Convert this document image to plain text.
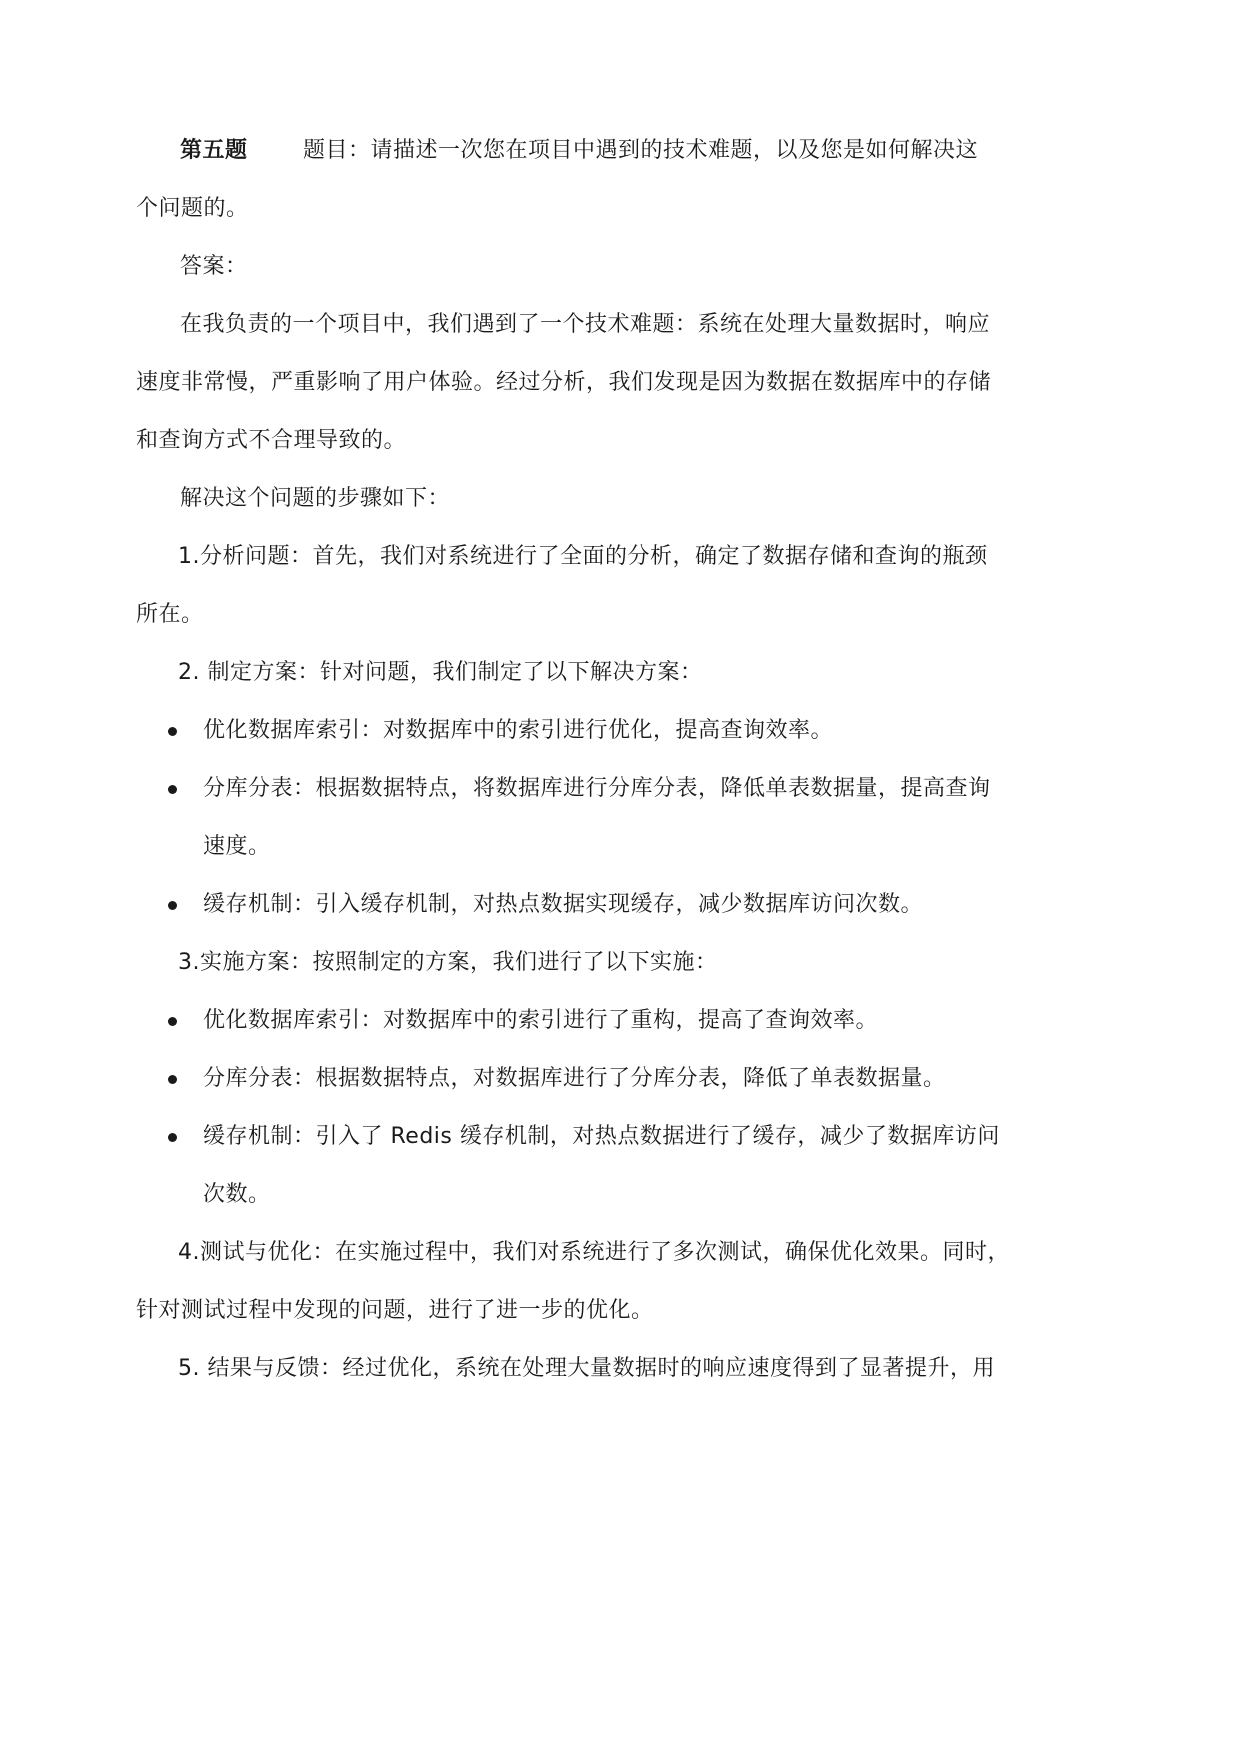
第五题	题目：请描述一次您在项目中遇到的技术难题，以及您是如何解决这
个问题的。
答案：
在我负责的一个项目中，我们遇到了一个技术难题：系统在处理大量数据时，响应
速度非常慢，严重影响了用户体验。经过分析，我们发现是因为数据在数据库中的存储
和查询方式不合理导致的。
解决这个问题的步骤如下：
1.分析问题：首先，我们对系统进行了全面的分析，确定了数据存储和查询的瓶颈
所在。
2. 制定方案：针对问题，我们制定了以下解决方案：
优化数据库索引：对数据库中的索引进行优化，提高查询效率。
分库分表：根据数据特点，将数据库进行分库分表，降低单表数据量，提高查询
速度。
缓存机制：引入缓存机制，对热点数据实现缓存，减少数据库访问次数。
3.实施方案：按照制定的方案，我们进行了以下实施：
优化数据库索引：对数据库中的索引进行了重构，提高了查询效率。
分库分表：根据数据特点，对数据库进行了分库分表，降低了单表数据量。
缓存机制：引入了 Redis 缓存机制，对热点数据进行了缓存，减少了数据库访问
次数。
4.测试与优化：在实施过程中，我们对系统进行了多次测试，确保优化效果。同时，
针对测试过程中发现的问题，进行了进一步的优化。
5. 结果与反馈：经过优化，系统在处理大量数据时的响应速度得到了显著提升，用
